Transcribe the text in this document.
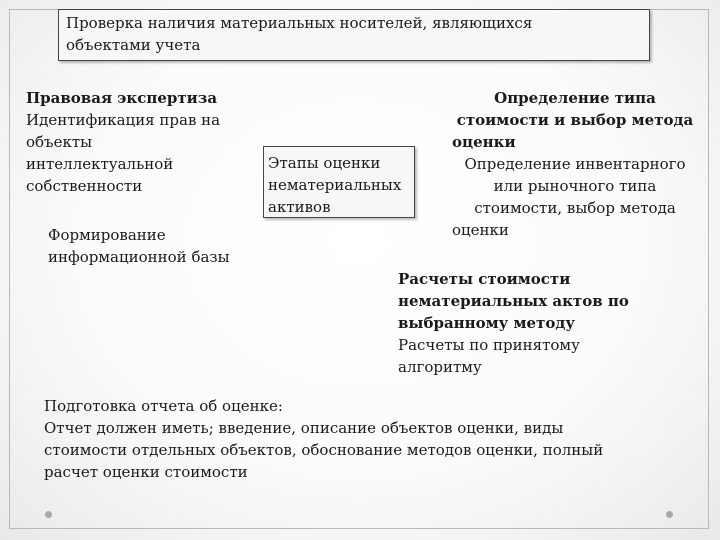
Проверка наличия материальных носителей, являющихся
объектами учета
Правовая экспертиза
Идентификация прав на
объекты
интеллектуальной
собственности
Формирование
информационной базы
Этапы оценки
нематериальных
активов
Определение типа
стоимости и выбор метода
оценки
Определение инвентарного
или рыночного типа
стоимости, выбор метода
оценки
Расчеты стоимости
нематериальных актов по
выбранному методу
Расчеты по принятому
алгоритму
Подготовка отчета об оценке:
Отчет должен иметь; введение, описание объектов оценки, виды
стоимости отдельных объектов, обоснование методов оценки, полный
расчет оценки стоимости
